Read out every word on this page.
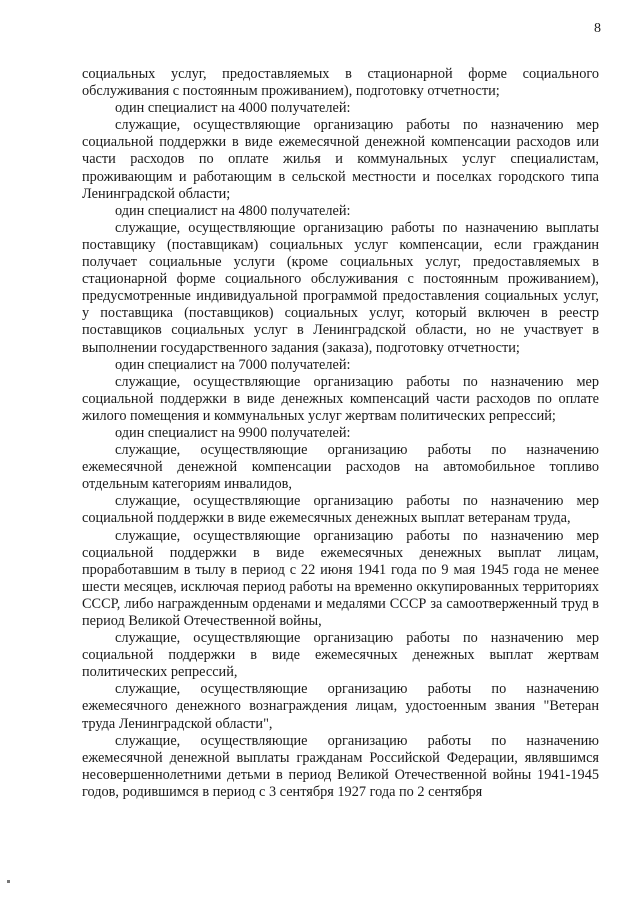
8

социальных услуг, предоставляемых в стационарной форме социального обслуживания с постоянным проживанием), подготовку отчетности;

один специалист на 4000 получателей:

служащие, осуществляющие организацию работы по назначению мер социальной поддержки в виде ежемесячной денежной компенсации расходов или части расходов по оплате жилья и коммунальных услуг специалистам, проживающим и работающим в сельской местности и поселках городского типа Ленинградской области;

один специалист на 4800 получателей:

служащие, осуществляющие организацию работы по назначению выплаты поставщику (поставщикам) социальных услуг компенсации, если гражданин получает социальные услуги (кроме социальных услуг, предоставляемых в стационарной форме социального обслуживания с постоянным проживанием), предусмотренные индивидуальной программой предоставления социальных услуг, у поставщика (поставщиков) социальных услуг, который включен в реестр поставщиков социальных услуг в Ленинградской области, но не участвует в выполнении государственного задания (заказа), подготовку отчетности;

один специалист на 7000 получателей:

служащие, осуществляющие организацию работы по назначению мер социальной поддержки в виде денежных компенсаций части расходов по оплате жилого помещения и коммунальных услуг жертвам политических репрессий;

один специалист на 9900 получателей:

служащие, осуществляющие организацию работы по назначению ежемесячной денежной компенсации расходов на автомобильное топливо отдельным категориям инвалидов,

служащие, осуществляющие организацию работы по назначению мер социальной поддержки в виде ежемесячных денежных выплат ветеранам труда,

служащие, осуществляющие организацию работы по назначению мер социальной поддержки в виде ежемесячных денежных выплат лицам, проработавшим в тылу в период с 22 июня 1941 года по 9 мая 1945 года не менее шести месяцев, исключая период работы на временно оккупированных территориях СССР, либо награжденным орденами и медалями СССР за самоотверженный труд в период Великой Отечественной войны,

служащие, осуществляющие организацию работы по назначению мер социальной поддержки в виде ежемесячных денежных выплат жертвам политических репрессий,

служащие, осуществляющие организацию работы по назначению ежемесячного денежного вознаграждения лицам, удостоенным звания "Ветеран труда Ленинградской области",

служащие, осуществляющие организацию работы по назначению ежемесячной денежной выплаты гражданам Российской Федерации, являвшимся несовершеннолетними детьми в период Великой Отечественной войны 1941-1945 годов, родившимся в период с 3 сентября 1927 года по 2 сентября
